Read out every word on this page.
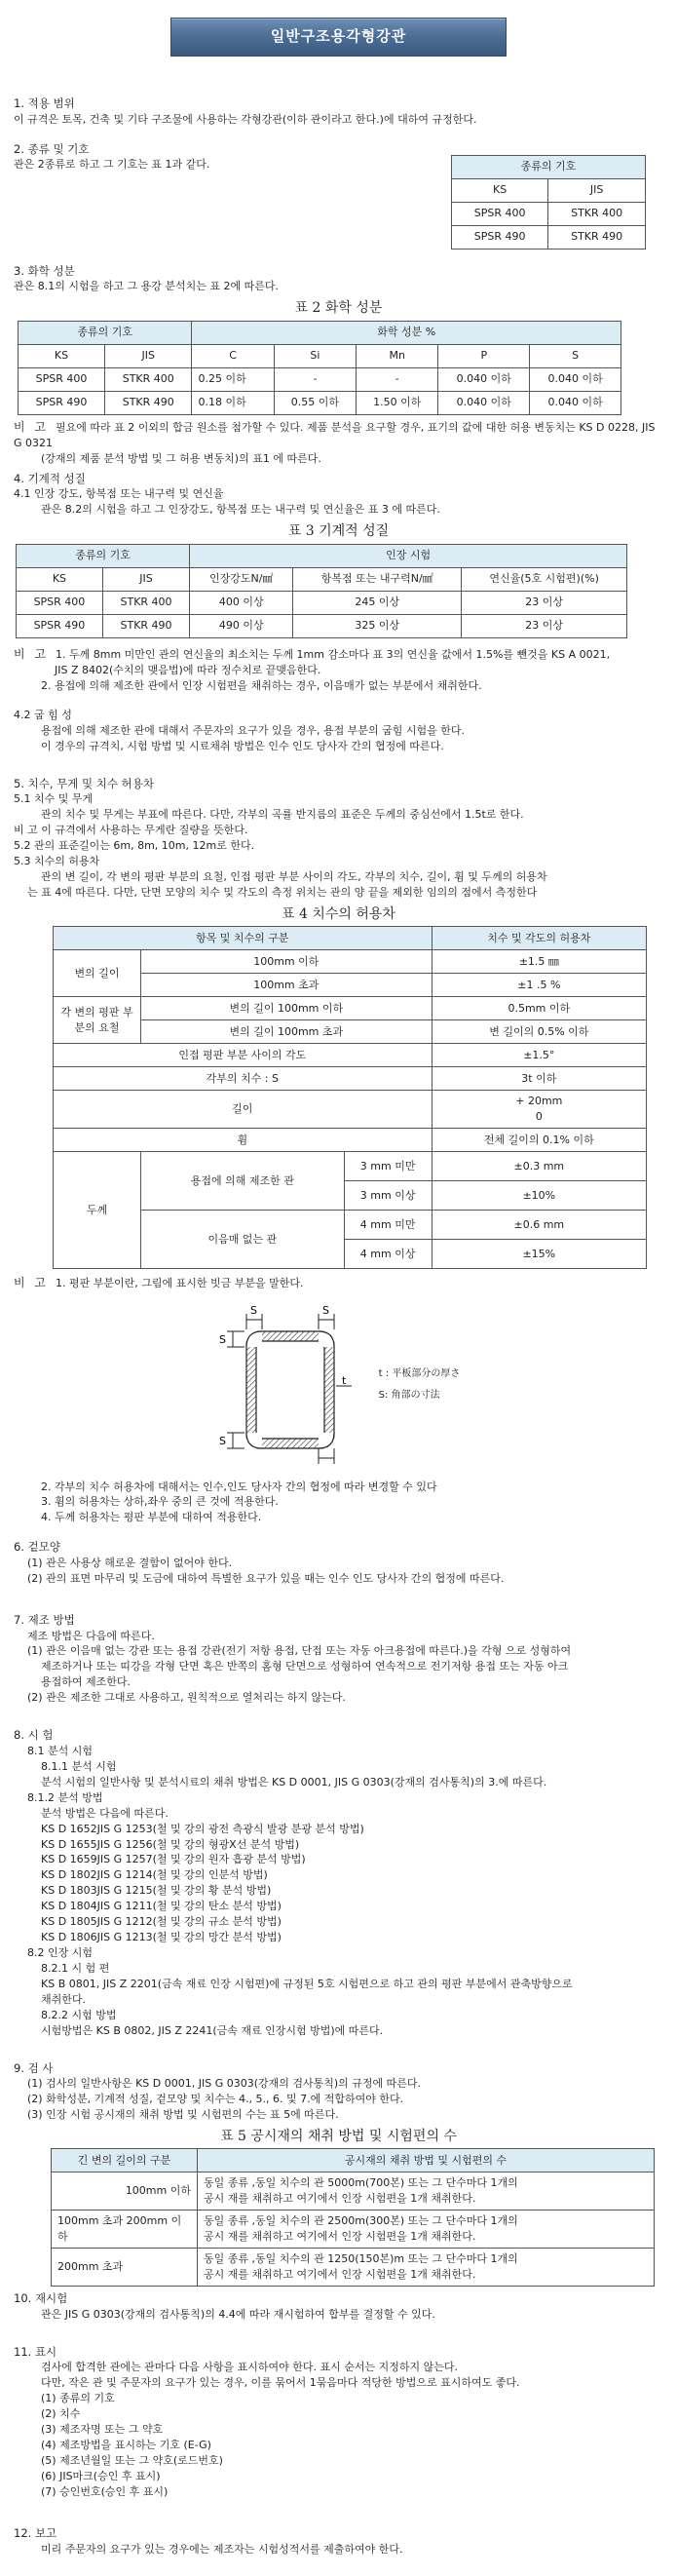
일반구조용각형강관
1. 적용 범위
이 규격은 토목, 건축 및 기타 구조물에 사용하는 각형강관(이하 관이라고 한다.)에 대하여 규정한다.
2. 종류 및 기호
관은 2종류로 하고 그 기호는 표 1과 같다.	종류의 기호	
KS	JIS
SPSR 400	STKR 400
SPSR 490	STKR 490
3. 화학 성분
관은 8.1의 시험을 하고 그 용강 분석치는 표 2에 따른다.
표 2 화학 성분
종류의 기호		화학 성분 %				
KS	JIS	C	Si	Mn	P	S
SPSR 400	STKR 400	0.25 이하	-	-	0.040 이하	0.040 이하
SPSR 490	STKR 490	0.18 이하	0.55 이하	1.50 이하	0.040 이하	0.040 이하
비 고 필요에 따라 표 2 이외의 합금 원소를 첨가할 수 있다. 제품 분석을 요구할 경우, 표기의 값에 대한 허용 변동치는 KS D 0228, JIS G 0321
(강재의 제품 분석 방법 및 그 허용 변동치)의 표1 에 따른다.
4. 기계적 성질
4.1 인장 강도, 항복점 또는 내구력 및 연신율
관은 8.2의 시험을 하고 그 인장강도, 항복점 또는 내구력 및 연신율은 표 3 에 따른다.
표 3 기계적 성질
종류의 기호		인장 시험		
KS	JIS	인장강도N/㎟	항복점 또는 내구력N/㎟	연신율(5호 시험편)(%)
SPSR 400	STKR 400	400 이상	245 이상	23 이상
SPSR 490	STKR 490	490 이상	325 이상	23 이상
비 고 1. 두께 8mm 미만인 관의 연신율의 최소치는 두께 1mm 감소마다 표 3의 연신율 값에서 1.5%를 뺀것을 KS A 0021,
JIS Z 8402(수치의 맺음법)에 따라 정수치로 끝맺음한다.
2. 용접에 의해 제조한 관에서 인장 시험편을 채취하는 경우, 이음매가 없는 부분에서 채취한다.
4.2 굽 힘 성
용접에 의해 제조한 관에 대해서 주문자의 요구가 있을 경우, 용접 부분의 굽힘 시험을 한다.
이 경우의 규격치, 시험 방법 및 시료채취 방법은 인수 인도 당사자 간의 협정에 따른다.
5. 치수, 무게 및 치수 허용차
5.1 치수 및 무게
관의 치수 및 무게는 부표에 따른다. 다만, 각부의 곡률 반지름의 표준은 두께의 중심선에서 1.5t로 한다.
비 고 이 규격에서 사용하는 무게란 질량을 뜻한다.
5.2 관의 표준길이는 6m, 8m, 10m, 12m로 한다.
5.3 치수의 허용차
관의 변 길이, 각 변의 평판 부분의 요철, 인접 평판 부분 사이의 각도, 각부의 치수, 길이, 휨 및 두께의 허용차
는 표 4에 따른다. 다만, 단면 모양의 치수 및 각도의 측정 위치는 관의 양 끝을 제외한 임의의 점에서 측정한다
표 4 치수의 허용차
항목 및 치수의 구분			치수 및 각도의 허용차
변의 길이	100mm 이하		±1.5 ㎜
	100mm 초과		±1 .5 %
각 변의 평판 부분의 요철	변의 길이 100mm 이하		0.5mm 이하
	변의 길이 100mm 초과		변 길이의 0.5% 이하
인접 평판 부분 사이의 각도			±1.5°
각부의 치수 : S			3t 이하
길이			+ 20mm
0

휨			전체 길이의 0.1% 이하
두께	용접에 의해 제조한 관	3 mm 미만	±0.3 mm
		3 mm 이상	±10%
	이음매 없는 관	4 mm 미만	±0.6 mm
		4 mm 이상	±15%
비 고 1. 평판 부분이란, 그림에 표시한 빗금 부분을 말한다.
S	S
S
S
t
t : 平板部分の厚さ
S: 角部の寸法
2. 각부의 치수 허용차에 대해서는 인수,인도 당사자 간의 협정에 따라 변경할 수 있다
3. 휨의 허용차는 상하,좌우 중의 큰 것에 적용한다.
4. 두께 허용차는 평판 부분에 대하여 적용한다.
6. 겉모양
(1) 관은 사용상 해로운 결함이 없어야 한다.
(2) 관의 표면 마무리 및 도금에 대하여 특별한 요구가 있을 때는 인수 인도 당사자 간의 협정에 따른다.
7. 제조 방법
제조 방법은 다음에 따른다.
(1) 관은 이음매 없는 강관 또는 용접 강관(전기 저항 용접, 단접 또는 자동 아크용접에 따른다.)을 각형 으로 성형하여
제조하거나 또는 띠강을 각형 단면 혹은 반쪽의 홈형 단면으로 성형하여 연속적으로 전기저항 용접 또는 자동 아크
용접하여 제조한다.
(2) 관은 제조한 그대로 사용하고, 원칙적으로 열처리는 하지 않는다.
8. 시 험
8.1 분석 시험
8.1.1 분석 시험
분석 시험의 일반사항 및 분석시료의 채취 방법은 KS D 0001, JIS G 0303(강재의 검사통칙)의 3.에 따른다.
8.1.2 분석 방법
분석 방법은 다음에 따른다.
KS D 1652JIS G 1253(철 및 강의 광전 측광식 발광 분광 분석 방법)
KS D 1655JIS G 1256(철 및 강의 형광X선 분석 방법)
KS D 1659JIS G 1257(철 및 강의 원자 흡광 분석 방법)
KS D 1802JIS G 1214(철 및 강의 인분석 방법)
KS D 1803JIS G 1215(철 및 강의 황 분석 방법)
KS D 1804JIS G 1211(철 및 강의 탄소 분석 방법)
KS D 1805JIS G 1212(철 및 강의 규소 분석 방법)
KS D 1806JIS G 1213(철 및 강의 망간 분석 방법)
8.2 인장 시험
8.2.1 시 험 편
KS B 0801, JIS Z 2201(금속 재료 인장 시험편)에 규정된 5호 시험편으로 하고 관의 평판 부분에서 관축방향으로
채취한다.
8.2.2 시험 방법
시험방법은 KS B 0802, JIS Z 2241(금속 재료 인장시험 방법)에 따른다.
9. 검 사
(1) 검사의 일반사항은 KS D 0001, JIS G 0303(강재의 검사통칙)의 규정에 따른다.
(2) 화학성분, 기계적 성질, 겉모양 및 치수는 4., 5., 6. 및 7.에 적합하여야 한다.
(3) 인장 시험 공시재의 채취 방법 및 시험편의 수는 표 5에 따른다.
표 5 공시재의 채취 방법 및 시험편의 수
긴 변의 길이의 구분	공시재의 채취 방법 및 시험편의 수
100mm 이하	동일 종류 ,동일 치수의 관 5000m(700본) 또는 그 단수마다 1개의
공시 재를 채취하고 여기에서 인장 시험편을 1개 채취한다.

100mm 초과 200mm 이하	동일 종류 ,동일 치수의 관 2500m(300본) 또는 그 단수마다 1개의
공시 재를 채취하고 여기에서 인장 시험편을 1개 채취한다.

200mm 초과	동일 종류 ,동일 치수의 관 1250(150본)m 또는 그 단수마다 1개의
공시 재를 채취하고 여기에서 인장 시험편을 1개 채취한다.
10. 재시험
관은 JIS G 0303(강재의 검사통칙)의 4.4에 따라 재시험하여 합부를 결정할 수 있다.
11. 표시
검사에 합격한 관에는 관마다 다음 사항을 표시하여야 한다. 표시 순서는 지정하지 않는다.
다만, 작은 관 및 주문자의 요구가 있는 경우, 이를 묶어서 1묶음마다 적당한 방법으로 표시하여도 좋다.
(1) 종류의 기호
(2) 치수
(3) 제조자명 또는 그 약호
(4) 제조방법을 표시하는 기호 (E-G)
(5) 제조년월일 또는 그 약호(로드번호)
(6) JIS마크(승인 후 표시)
(7) 승인번호(승인 후 표시)
12. 보고
미리 주문자의 요구가 있는 경우에는 제조자는 시험성적서를 제출하여야 한다.
